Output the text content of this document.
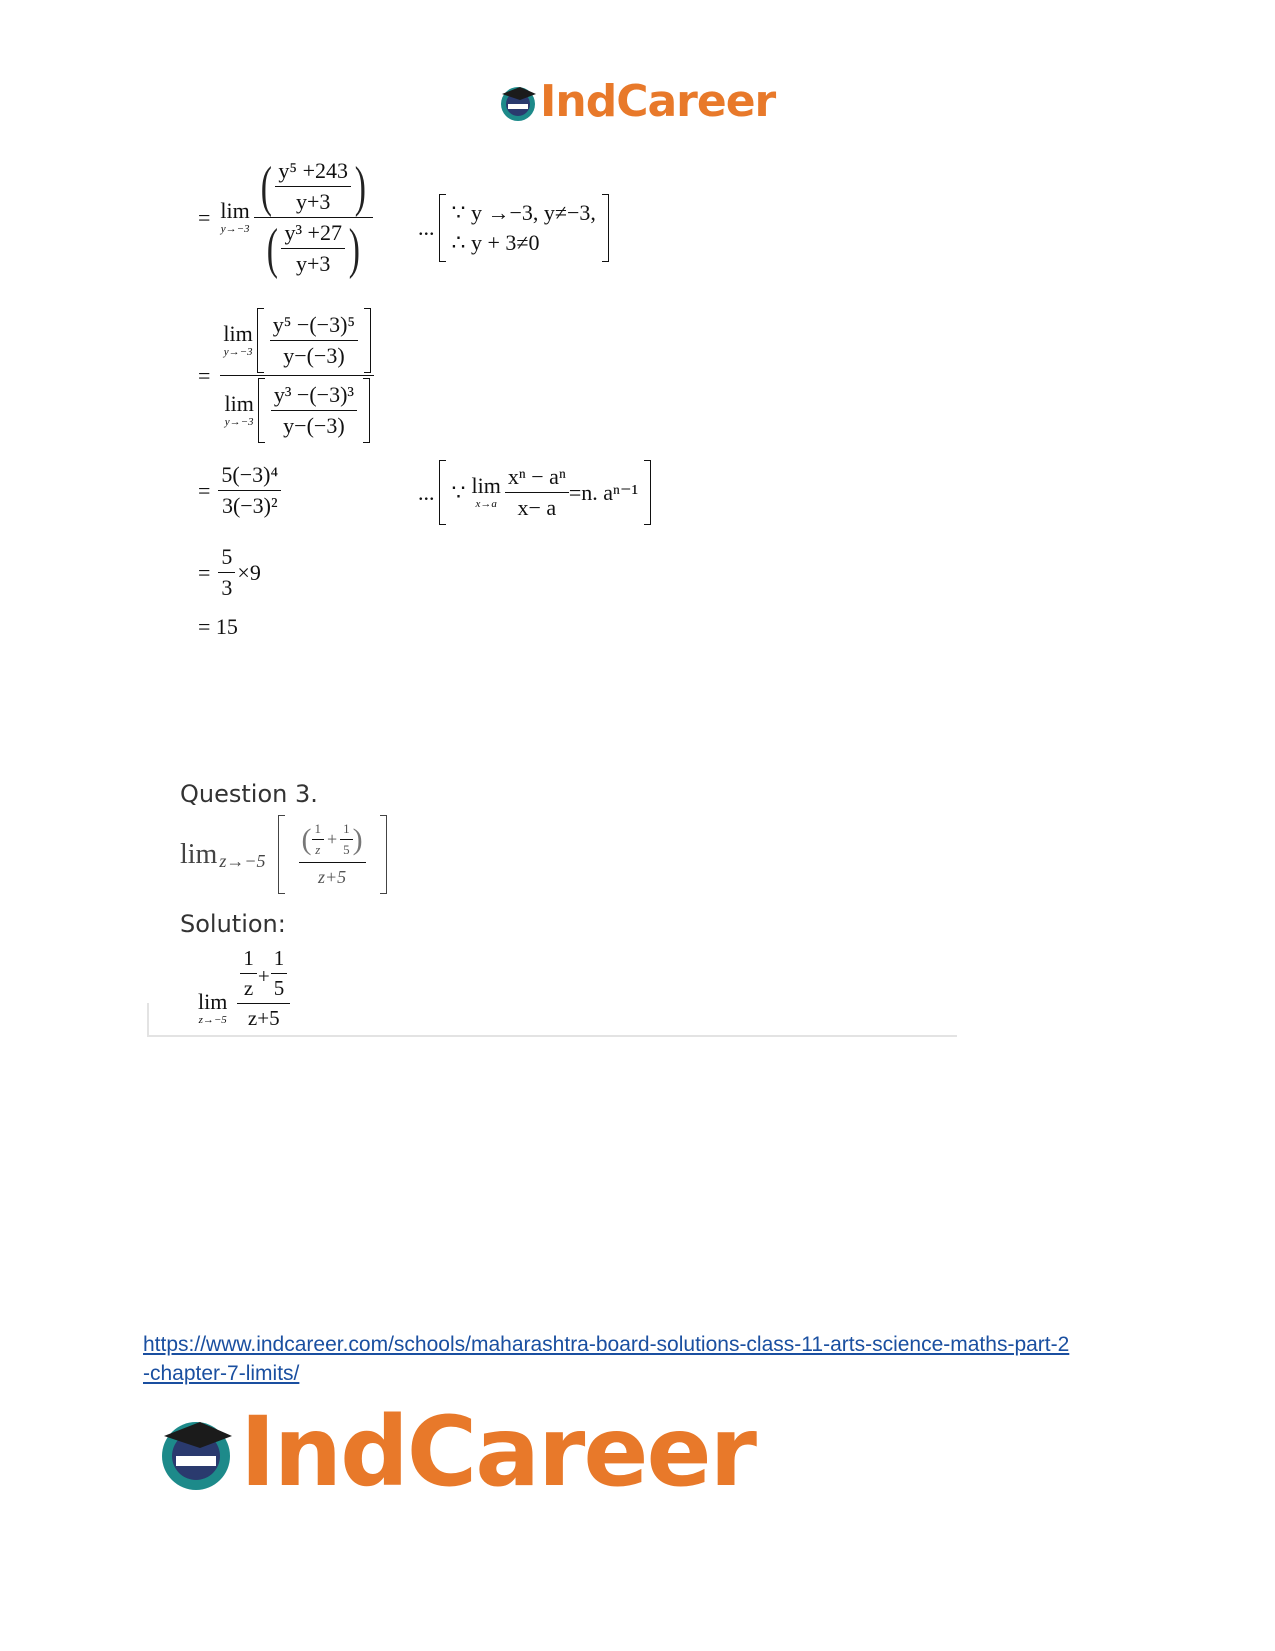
IndCareer
= lim
$y\to-3 \frac{( \frac{\text{y⁵ +243}}{y+3} )}{( \frac{\text{y³ +27}}{y+3} )}$ ...
∵ y →−3, y≠−3,
∴ y + 3≠0
= lim
$y\to-3 \frac{\text{y⁵ −(−3)⁵}}{y-(-3)}$
lim
$y\to-3 \frac{\text{y³ −(−3)³}}{y-(-3)}$
= $\frac{\text{5(−3)⁴}}{\text{3(−3)²}}$	... ∵ lim
$x\to a \frac{\text{xⁿ − aⁿ}}{x- a} =n$. aⁿ⁻¹
= $\frac{5}{3} \times 9$
= 15
Question 3.
$\lim z\to-5 \frac{( \frac{1}{z} + \frac{1}{5} )}{z+5}$
Solution:
lim
$z\to-5 \frac{\frac{1}{z} + \frac{1}{5}}{z+5}$
https://www.indcareer.com/schools/maharashtra-board-solutions-class-11-arts-science-maths-part-2-chapter-7-limits/
IndCareer
